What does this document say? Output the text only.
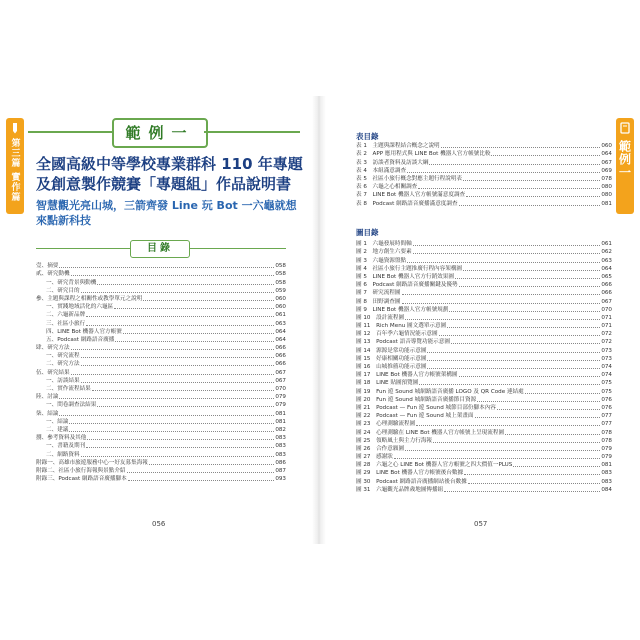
第三篇 實作篇	範例一
範例一
全國高級中等學校專業群科 110 年專題及創意製作競賽「專題組」作品說明書
智慧觀光亮山城，三箭齊發 Line 玩 Bot 一六龜就想來點新科技
目錄
壹、摘要	058
貳、研究動機	058
一、研究背景與動機	058
二、研究目的	059
參、主題與課程之相關性或教學單元之說明	060
一、實踐地域活化的六龜區	060
二、六龜新品牌	061
三、社區小旅行	063
四、LINE Bot 機器人官方帳號	064
五、Podcast 網路語音廣播	064
肆、研究方法	066
一、研究流程	066
二、研究方法	066
伍、研究結果	067
一、訪談結果	067
二、實作流程結果	070
陸、討論	079
一、問卷調查法結果	079
柒、結論	081
一、結論	081
二、建議	082
捌、參考資料及其他	083
一、書籍及期刊	083
二、網路資料	083
附錄一、高雄市旅遊服務中心一好友募集海報	086
附錄二、社區小旅行海報與景點介紹	087
附錄三、Podcast 網路語音廣播腳本	093
056
表目錄
表 1　主題與課程結合概念之說明	060
表 2　APP 應用程式與 LINE Bot 機器人官方帳號比較	064
表 3　訪談者資料及訪談大綱	067
表 4　本組滿意調查	069
表 5　社區小旅行概念對應主題行程說明表	078
表 6　六龜之心相關調查	080
表 7　LINE Bot 機器人官方帳號滿意度調查	080
表 8　Podcast 網路語音廣播滿意度調查	081
圖目錄
圖 1　六龜發展時間軸	061
圖 2　地方創生六要素	062
圖 3　六龜資源盤點	063
圖 4　社區小旅行主題推廣行程內容架構圖	064
圖 5　LINE Bot 機器人官方行銷效果圖	065
圖 6　Podcast 網路語音廣播關鍵及優勢	066
圖 7　研究流程圖	066
圖 8　田野調查圖	067
圖 9　LINE Bot 機器人官方帳號規劃	070
圖 10　設計流程圖	071
圖 11　Rich Menu 圖文選單示意圖	071
圖 12　百年季六龜情況能示意圖	072
圖 13　Podcast 語音導覽功能示意圖	072
圖 14　源源是常功能示意圖	073
圖 15　好康相關功能示意圖	073
圖 16　山城推薦功能示意圖	074
圖 17　LINE Bot 機器人官方帳號架構圖	074
圖 18　LINE 貼圖預覽圖	075
圖 19　Fun 遊 Sound 城網路語音廣播 LOGO 及 QR Code 連結處	075
圖 20　Fun 遊 Sound 城網路語音廣播節目資源	076
圖 21　Podcast — Fun 遊 Sound 城節目部份腳本內容	076
圖 22　Podcast — Fun 遊 Sound 城上架畫面	077
圖 23　心理測驗流程圖	077
圖 24　心理測驗在 LINE Bot 機器人官方帳號上呈現流程圖	078
圖 25　領略風土與主力行海報	078
圖 26　合作意願圖	079
圖 27　感謝狀	079
圖 28　六龜之心 LINE Bot 機器人官方帳號之四大價值一PLUS	081
圖 29　LINE Bot 機器人官方帳號後台數據	083
圖 30　Podcast 網路語音廣播網站後台數據	083
圖 31　六龜觀光品牌歲地圖傳播組	084
057
